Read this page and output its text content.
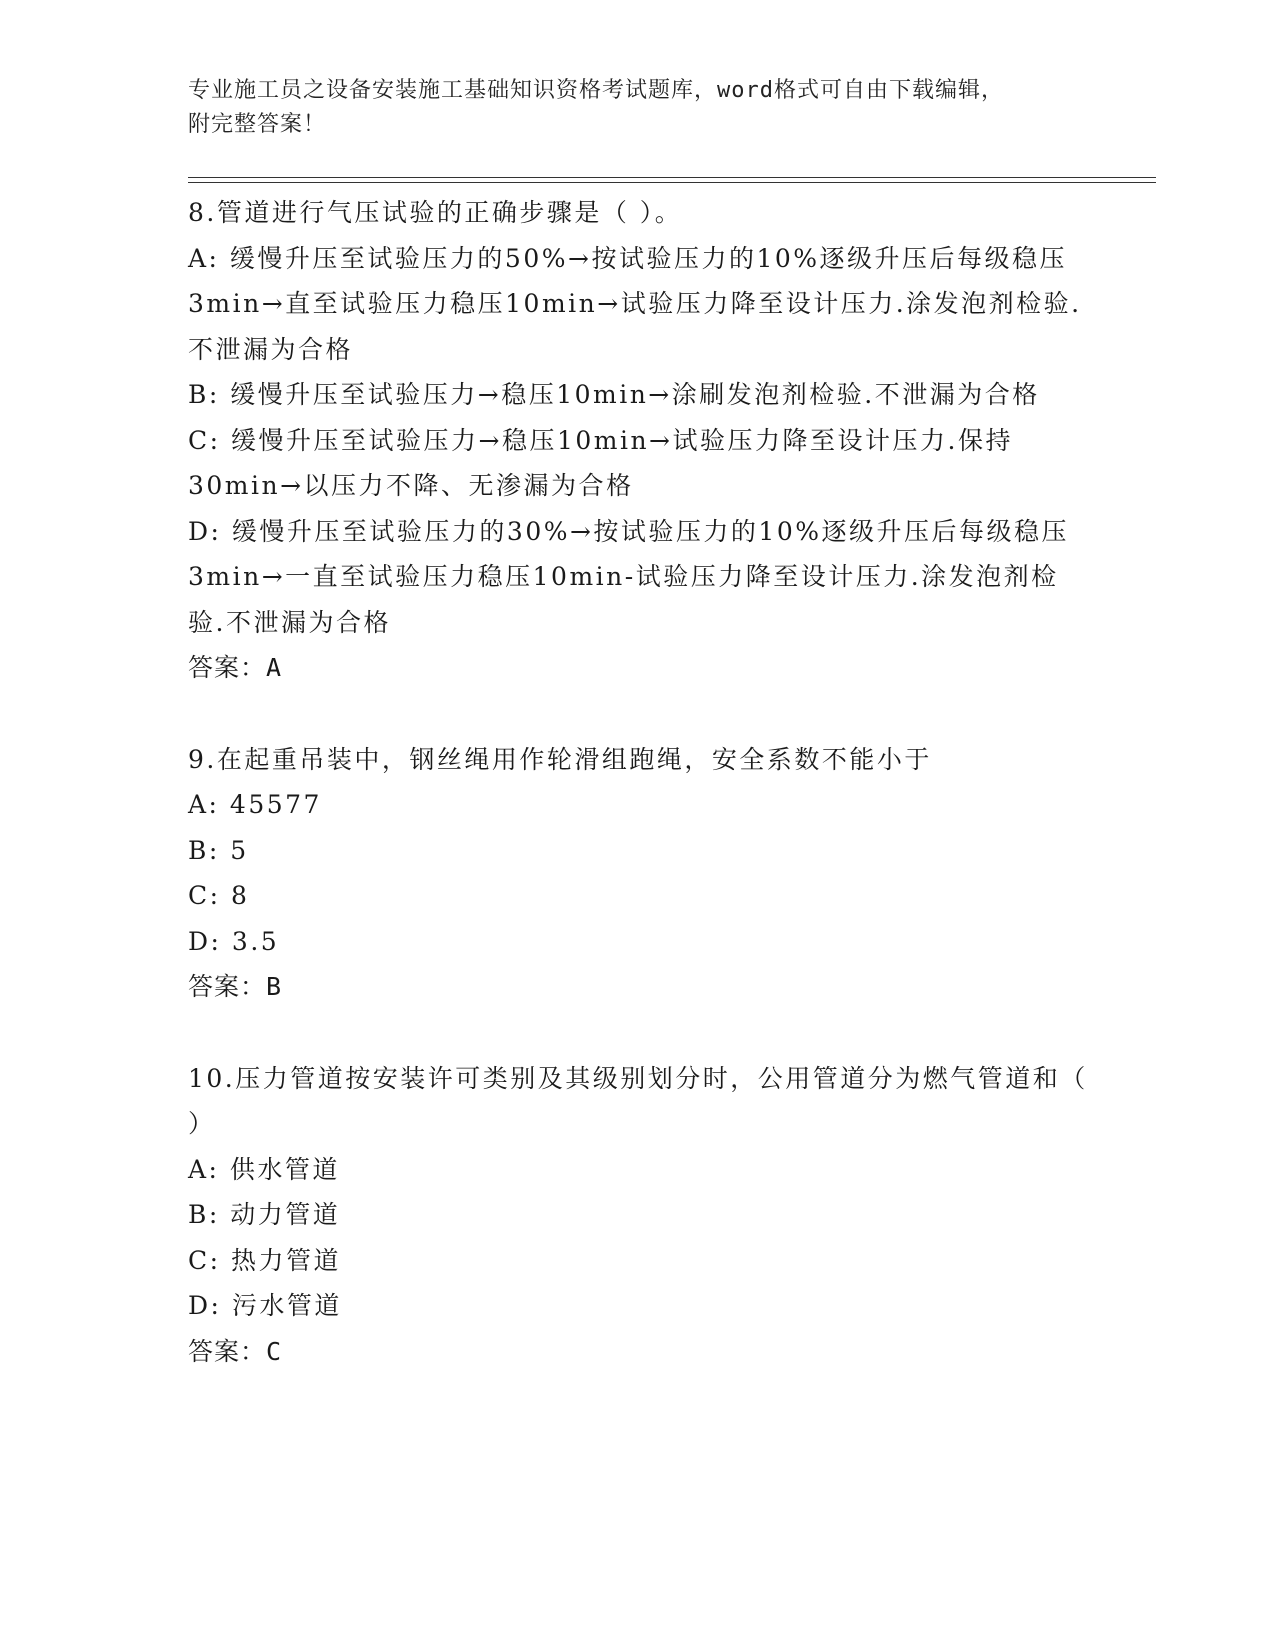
专业施工员之设备安装施工基础知识资格考试题库，word格式可自由下载编辑，
附完整答案！

8.管道进行气压试验的正确步骤是（ ）。

A: 缓慢升压至试验压力的50%→按试验压力的10%逐级升压后每级稳压3min→直至试验压力稳压10min→试验压力降至设计压力.涂发泡剂检验.不泄漏为合格

B: 缓慢升压至试验压力→稳压10min→涂刷发泡剂检验.不泄漏为合格

C: 缓慢升压至试验压力→稳压10min→试验压力降至设计压力.保持30min→以压力不降、无渗漏为合格

D: 缓慢升压至试验压力的30%→按试验压力的10%逐级升压后每级稳压3min→一直至试验压力稳压10min-试验压力降至设计压力.涂发泡剂检验.不泄漏为合格

答案：A

9.在起重吊装中，钢丝绳用作轮滑组跑绳，安全系数不能小于

A: 45577

B: 5

C: 8

D: 3.5

答案：B

10.压力管道按安装许可类别及其级别划分时，公用管道分为燃气管道和（ ）

A: 供水管道

B: 动力管道

C: 热力管道

D: 污水管道

答案：C
